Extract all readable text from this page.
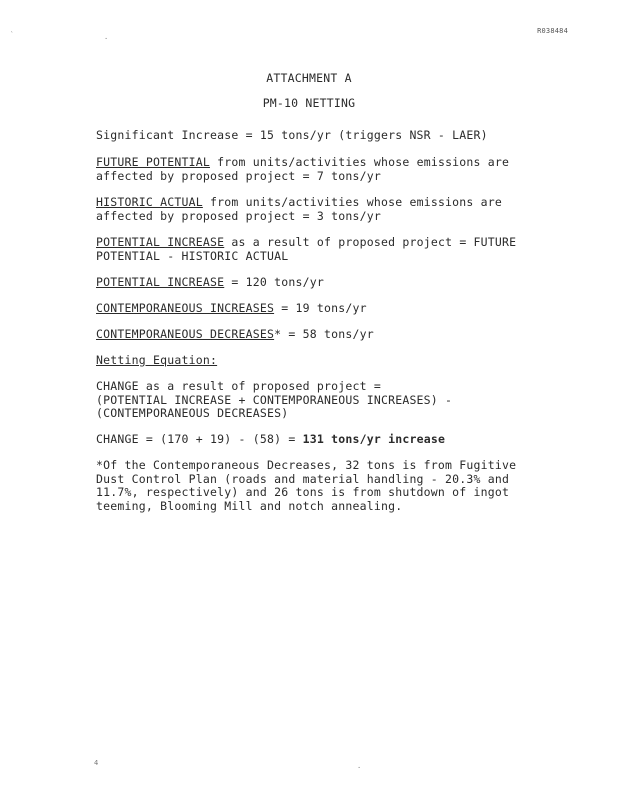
ˋ	.
R038484
ATTACHMENT A
PM-10 NETTING

Significant Increase = 15 tons/yr (triggers NSR - LAER)

FUTURE POTENTIAL from units/activities whose emissions are

affected by proposed project = 7 tons/yr

HISTORIC ACTUAL from units/activities whose emissions are

affected by proposed project = 3 tons/yr

POTENTIAL INCREASE as a result of proposed project = FUTURE

POTENTIAL - HISTORIC ACTUAL

POTENTIAL INCREASE = 120 tons/yr

CONTEMPORANEOUS INCREASES = 19 tons/yr

CONTEMPORANEOUS DECREASES* = 58 tons/yr

Netting Equation:

CHANGE as a result of proposed project =

(POTENTIAL INCREASE + CONTEMPORANEOUS INCREASES) -

(CONTEMPORANEOUS DECREASES)

CHANGE = (170 + 19) - (58) = 131 tons/yr increase

*Of the Contemporaneous Decreases, 32 tons is from Fugitive

Dust Control Plan (roads and material handling - 20.3% and

11.7%, respectively) and 26 tons is from shutdown of ingot

teeming, Blooming Mill and notch annealing.

4	.
